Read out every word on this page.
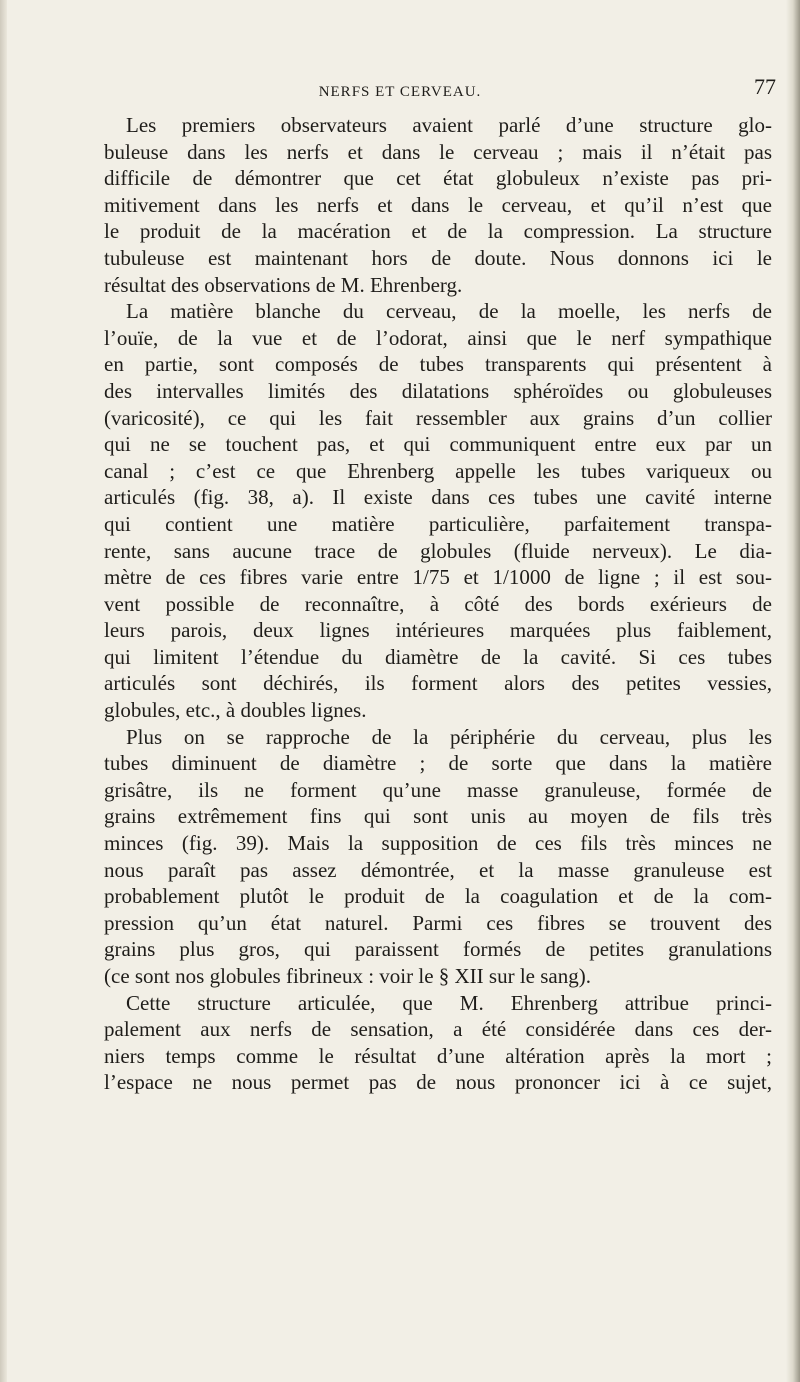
NERFS ET CERVEAU.	77
Les premiers observateurs avaient parlé d’une structure glo-
buleuse dans les nerfs et dans le cerveau ; mais il n’était pas
difficile de démontrer que cet état globuleux n’existe pas pri-
mitivement dans les nerfs et dans le cerveau, et qu’il n’est que
le produit de la macération et de la compression. La structure
tubuleuse est maintenant hors de doute. Nous donnons ici le
résultat des observations de M. Ehrenberg.
La matière blanche du cerveau, de la moelle, les nerfs de
l’ouïe, de la vue et de l’odorat, ainsi que le nerf sympathique
en partie, sont composés de tubes transparents qui présentent à
des intervalles limités des dilatations sphéroïdes ou globuleuses
(varicosité), ce qui les fait ressembler aux grains d’un collier
qui ne se touchent pas, et qui communiquent entre eux par un
canal ; c’est ce que Ehrenberg appelle les tubes variqueux ou
articulés (fig. 38, a). Il existe dans ces tubes une cavité interne
qui contient une matière particulière, parfaitement transpa-
rente, sans aucune trace de globules (fluide nerveux). Le dia-
mètre de ces fibres varie entre 1/75 et 1/1000 de ligne ; il est sou-
vent possible de reconnaître, à côté des bords exérieurs de
leurs parois, deux lignes intérieures marquées plus faiblement,
qui limitent l’étendue du diamètre de la cavité. Si ces tubes
articulés sont déchirés, ils forment alors des petites vessies,
globules, etc., à doubles lignes.
Plus on se rapproche de la périphérie du cerveau, plus les
tubes diminuent de diamètre ; de sorte que dans la matière
grisâtre, ils ne forment qu’une masse granuleuse, formée de
grains extrêmement fins qui sont unis au moyen de fils très
minces (fig. 39). Mais la supposition de ces fils très minces ne
nous paraît pas assez démontrée, et la masse granuleuse est
probablement plutôt le produit de la coagulation et de la com-
pression qu’un état naturel. Parmi ces fibres se trouvent des
grains plus gros, qui paraissent formés de petites granulations
(ce sont nos globules fibrineux : voir le § XII sur le sang).
Cette structure articulée, que M. Ehrenberg attribue princi-
palement aux nerfs de sensation, a été considérée dans ces der-
niers temps comme le résultat d’une altération après la mort ;
l’espace ne nous permet pas de nous prononcer ici à ce sujet,
